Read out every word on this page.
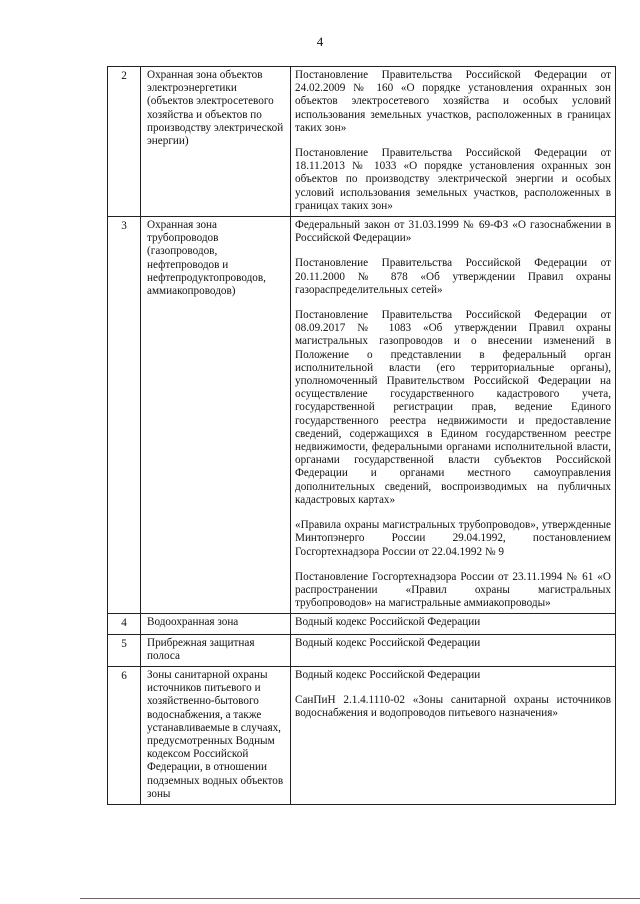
4
2	Охранная зона объектов электроэнергетики (объектов электросетевого хозяйства и объектов по производству электрической энергии)	Постановление Правительства Российской Федерации от 24.02.2009 № 160 «О порядке установления охранных зон объектов электросетевого хозяйства и особых условий использования земельных участков, расположенных в границах таких зон»

Постановление Правительства Российской Федерации от 18.11.2013 № 1033 «О порядке установления охранных зон объектов по производству электрической энергии и особых условий использования земельных участков, расположенных в границах таких зон»

3	Охранная зона трубопроводов (газопроводов, нефтепроводов и нефтепродуктопроводов, аммиакопроводов)	Федеральный закон от 31.03.1999 № 69-ФЗ «О газоснабжении в Российской Федерации»

Постановление Правительства Российской Федерации от 20.11.2000 № 878 «Об утверждении Правил охраны газораспределительных сетей»

Постановление Правительства Российской Федерации от 08.09.2017 № 1083 «Об утверждении Правил охраны магистральных газопроводов и о внесении изменений в Положение о представлении в федеральный орган исполнительной власти (его территориальные органы), уполномоченный Правительством Российской Федерации на осуществление государственного кадастрового учета, государственной регистрации прав, ведение Единого государственного реестра недвижимости и предоставление сведений, содержащихся в Едином государственном реестре недвижимости, федеральными органами исполнительной власти, органами государственной власти субъектов Российской Федерации и органами местного самоуправления дополнительных сведений, воспроизводимых на публичных кадастровых картах»

«Правила охраны магистральных трубопроводов», утвержденные Минтопэнерго России 29.04.1992, постановлением Госгортехнадзора России от 22.04.1992 № 9

Постановление Госгортехнадзора России от 23.11.1994 № 61 «О распространении «Правил охраны магистральных трубопроводов» на магистральные аммиакопроводы»

4	Водоохранная зона	Водный кодекс Российской Федерации

5	Прибрежная защитная полоса	Водный кодекс Российской Федерации

6	Зоны санитарной охраны источников питьевого и хозяйственно-бытового водоснабжения, а также устанавливаемые в случаях, предусмотренных Водным кодексом Российской Федерации, в отношении подземных водных объектов зоны	Водный кодекс Российской Федерации

СанПиН 2.1.4.1110-02 «Зоны санитарной охраны источников водоснабжения и водопроводов питьевого назначения»
